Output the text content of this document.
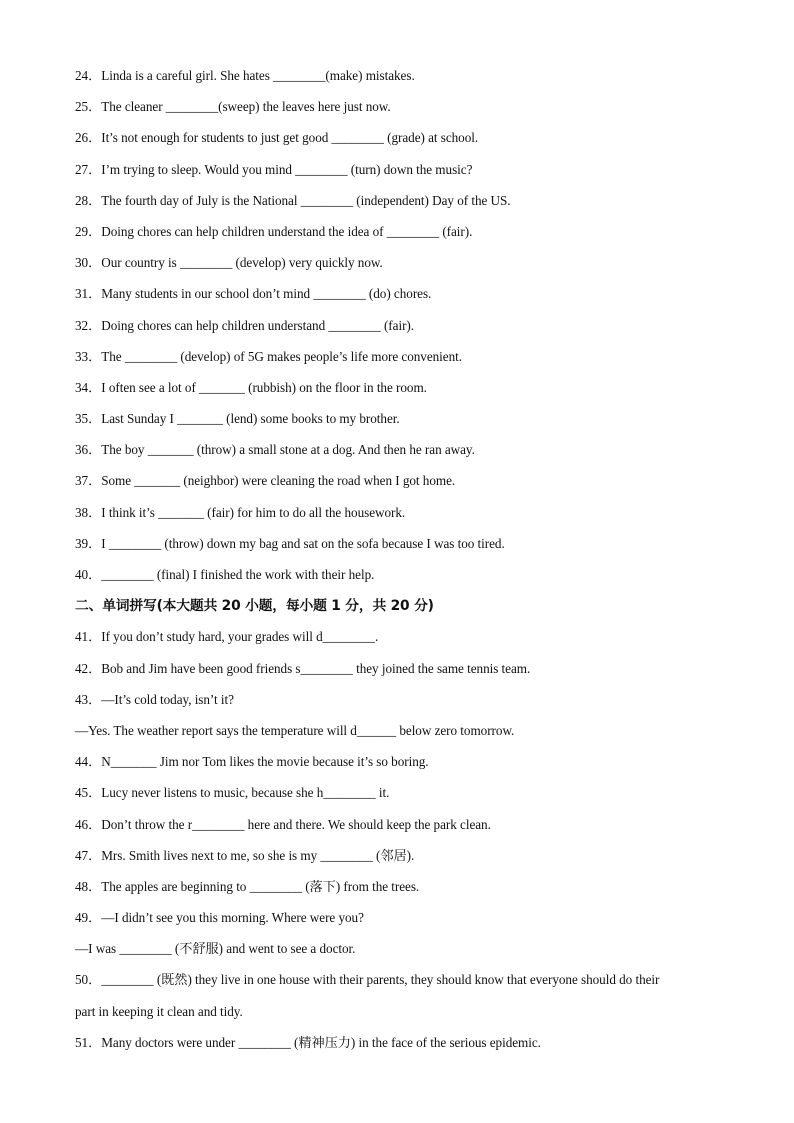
24．Linda is a careful girl. She hates ________(make) mistakes.
25．The cleaner ________(sweep) the leaves here just now.
26．It’s not enough for students to just get good ________ (grade) at school.
27．I’m trying to sleep. Would you mind ________ (turn) down the music?
28．The fourth day of July is the National ________ (independent) Day of the US.
29．Doing chores can help children understand the idea of ________ (fair).
30．Our country is ________ (develop) very quickly now.
31．Many students in our school don’t mind ________ (do) chores.
32．Doing chores can help children understand ________ (fair).
33．The ________ (develop) of 5G makes people’s life more convenient.
34．I often see a lot of _______ (rubbish) on the floor in the room.
35．Last Sunday I _______ (lend) some books to my brother.
36．The boy _______ (throw) a small stone at a dog. And then he ran away.
37．Some _______ (neighbor) were cleaning the road when I got home.
38．I think it’s _______ (fair) for him to do all the housework.
39．I ________ (throw) down my bag and sat on the sofa because I was too tired.
40．________ (final) I finished the work with their help.
二、单词拼写(本大题共 20 小题，每小题 1 分，共 20 分)
41．If you don’t study hard, your grades will d________.
42．Bob and Jim have been good friends s________ they joined the same tennis team.
43．—It’s cold today, isn’t it?
—Yes. The weather report says the temperature will d______ below zero tomorrow.
44．N_______ Jim nor Tom likes the movie because it’s so boring.
45．Lucy never listens to music, because she h________ it.
46．Don’t throw the r________ here and there. We should keep the park clean.
47．Mrs. Smith lives next to me, so she is my ________ (邻居).
48．The apples are beginning to ________ (落下) from the trees.
49．—I didn’t see you this morning. Where were you?
—I was ________ (不舒服) and went to see a doctor.
50．________ (既然) they live in one house with their parents, they should know that everyone should do their
part in keeping it clean and tidy.
51．Many doctors were under ________ (精神压力) in the face of the serious epidemic.
